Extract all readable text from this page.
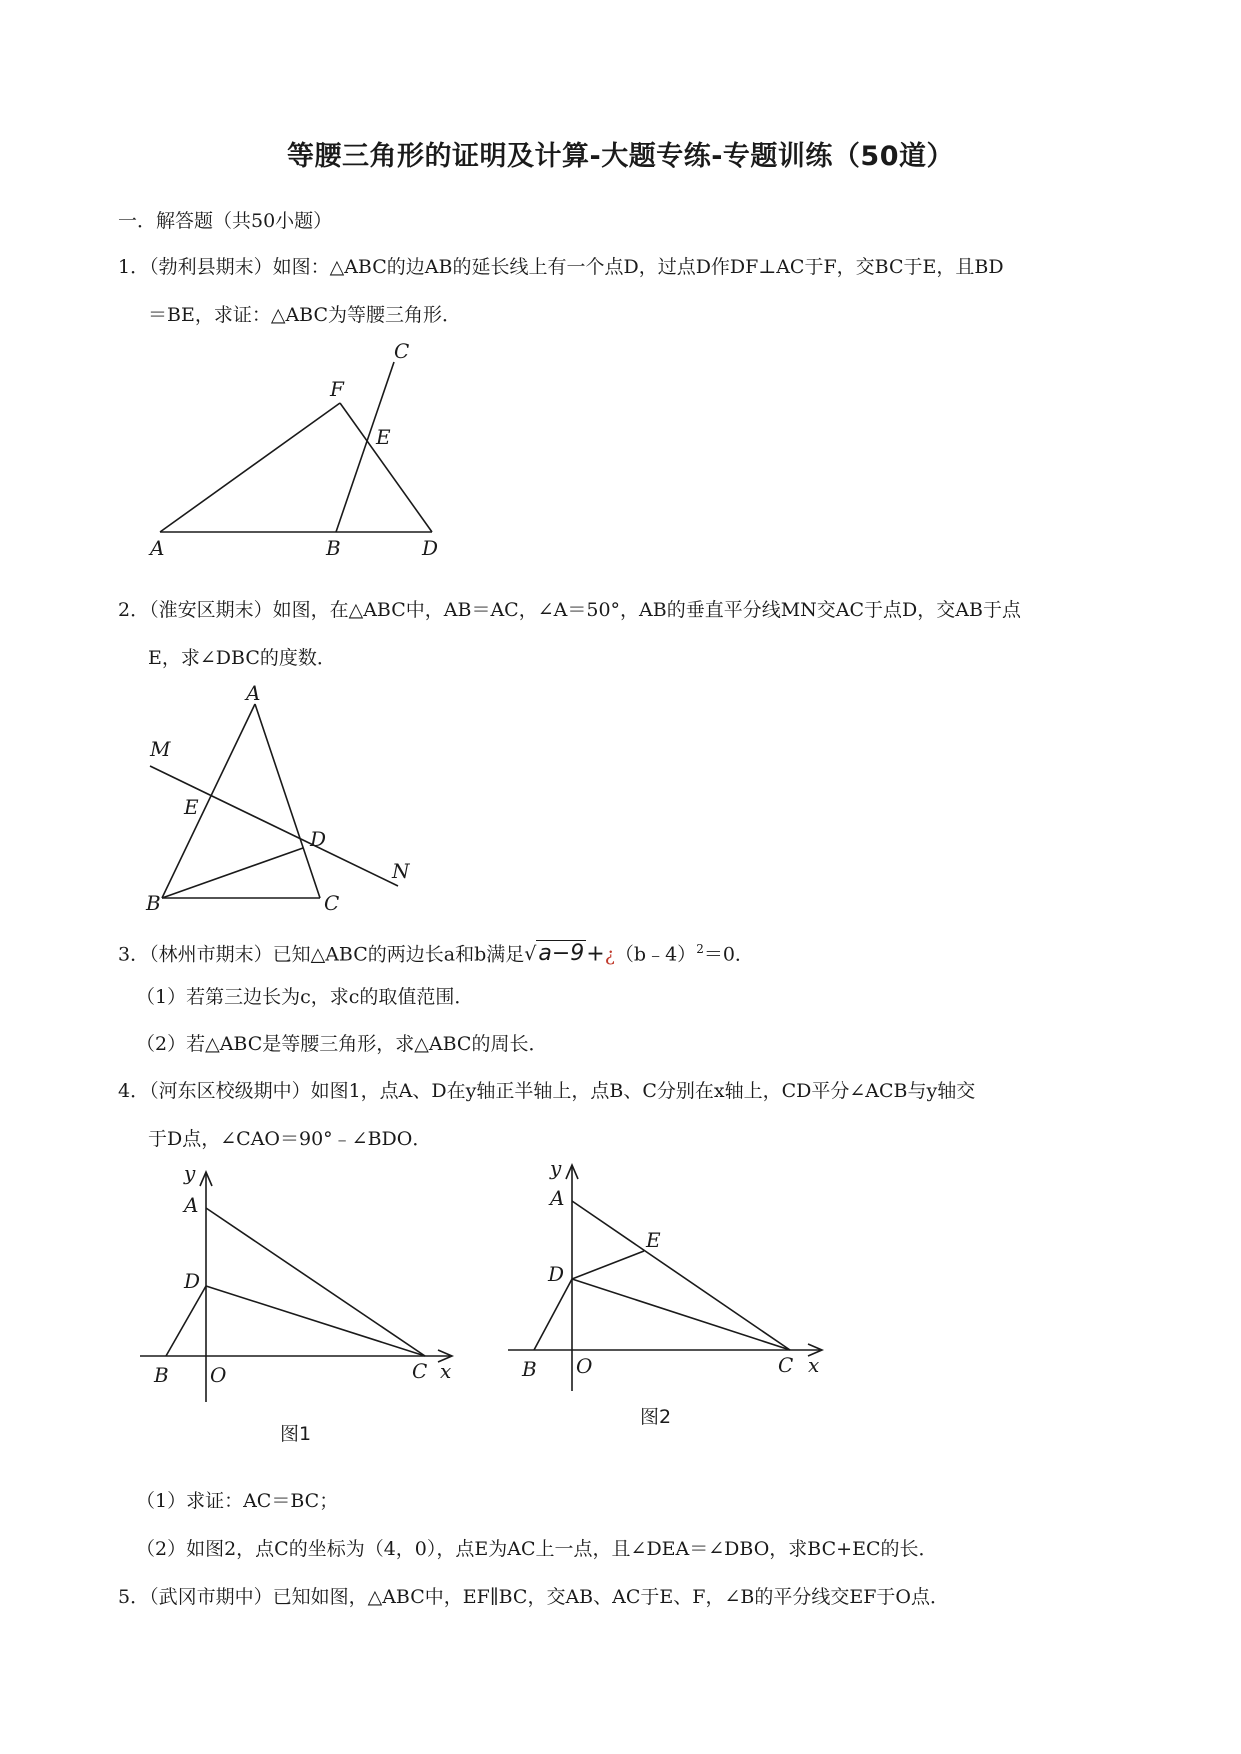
等腰三角形的证明及计算-大题专练-专题训练（50道）
一．解答题（共50小题）
1．（勃利县期末）如图：△ABC的边AB的延长线上有一个点D，过点D作DF⊥AC于F，交BC于E，且BD
＝BE，求证：△ABC为等腰三角形．
A	B	D
C
F
E
2．（淮安区期末）如图，在△ABC中，AB＝AC，∠A＝50°，AB的垂直平分线MN交AC于点D，交AB于点
E，求∠DBC的度数．
A
M
E
D
N
B	C
3．（林州市期末）已知△ABC的两边长a和b满足√a−9+¿（b﹣4）$^2$＝0．
（1）若第三边长为c，求c的取值范围．
（2）若△ABC是等腰三角形，求△ABC的周长．
4．（河东区校级期中）如图1，点A、D在y轴正半轴上，点B、C分别在x轴上，CD平分∠ACB与y轴交
于D点，∠CAO＝90°﹣∠BDO．
y
A
D
B O	C x
图1
y
A
E
D
B O	C x
图2
（1）求证：AC＝BC；
（2）如图2，点C的坐标为（4，0），点E为AC上一点，且∠DEA＝∠DBO，求BC+EC的长．
5．（武冈市期中）已知如图，△ABC中，EF∥BC，交AB、AC于E、F，∠B的平分线交EF于O点．
